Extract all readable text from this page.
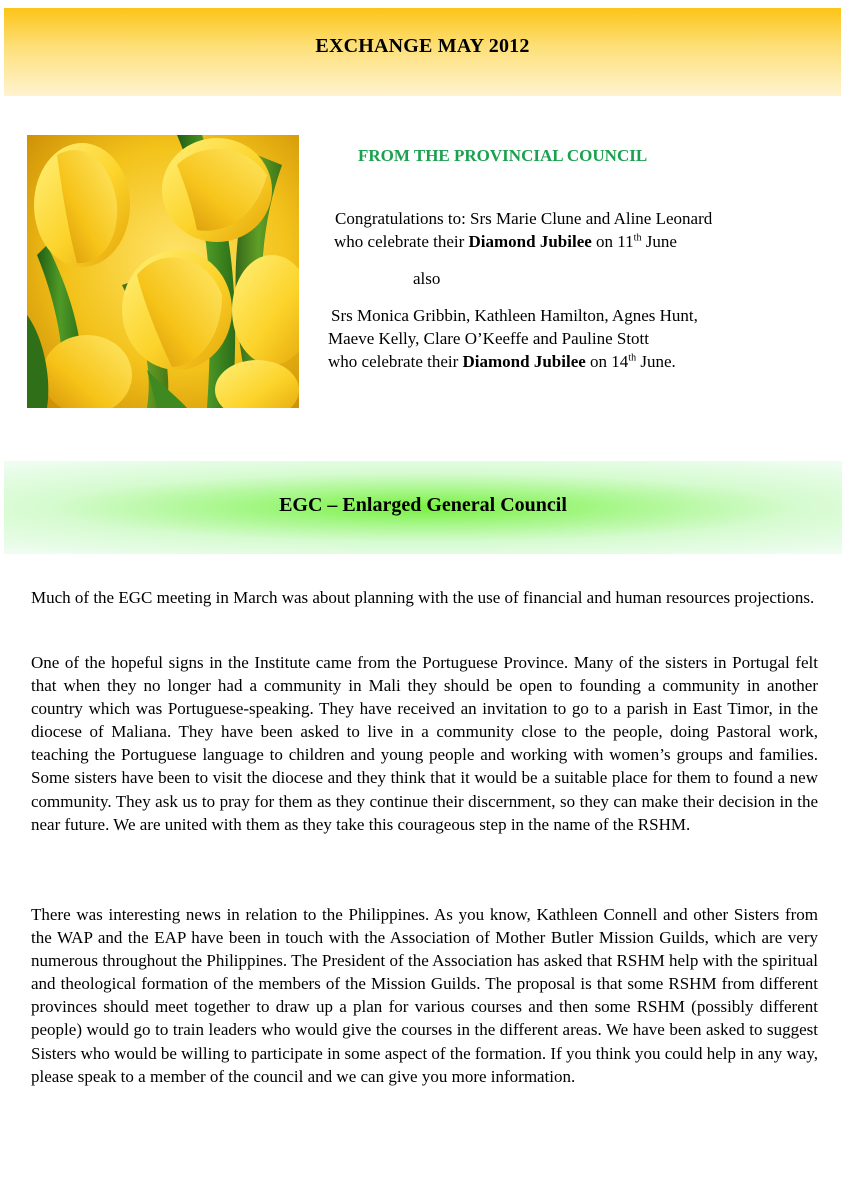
EXCHANGE MAY 2012
FROM THE PROVINCIAL COUNCIL

Congratulations to: Srs Marie Clune and Aline Leonard

who celebrate their Diamond Jubilee on 11th June

also

Srs Monica Gribbin, Kathleen Hamilton, Agnes Hunt,

Maeve Kelly, Clare O’Keeffe and Pauline Stott

who celebrate their Diamond Jubilee on 14th June.

EGC – Enlarged General Council

Much of the EGC meeting in March was about planning with the use of financial and human resources projections.

One of the hopeful signs in the Institute came from the Portuguese Province. Many of the sisters in Portugal felt that when they no longer had a community in Mali they should be open to founding a community in another country which was Portuguese-speaking. They have received an invitation to go to a parish in East Timor, in the diocese of Maliana. They have been asked to live in a community close to the people, doing Pastoral work, teaching the Portuguese language to children and young people and working with women’s groups and families. Some sisters have been to visit the diocese and they think that it would be a suitable place for them to found a new community. They ask us to pray for them as they continue their discernment, so they can make their decision in the near future. We are united with them as they take this courageous step in the name of the RSHM.

There was interesting news in relation to the Philippines. As you know, Kathleen Connell and other Sisters from the WAP and the EAP have been in touch with the Association of Mother Butler Mission Guilds, which are very numerous throughout the Philippines. The President of the Association has asked that RSHM help with the spiritual and theological formation of the members of the Mission Guilds. The proposal is that some RSHM from different provinces should meet together to draw up a plan for various courses and then some RSHM (possibly different people) would go to train leaders who would give the courses in the different areas. We have been asked to suggest Sisters who would be willing to participate in some aspect of the formation. If you think you could help in any way, please speak to a member of the council and we can give you more information.
